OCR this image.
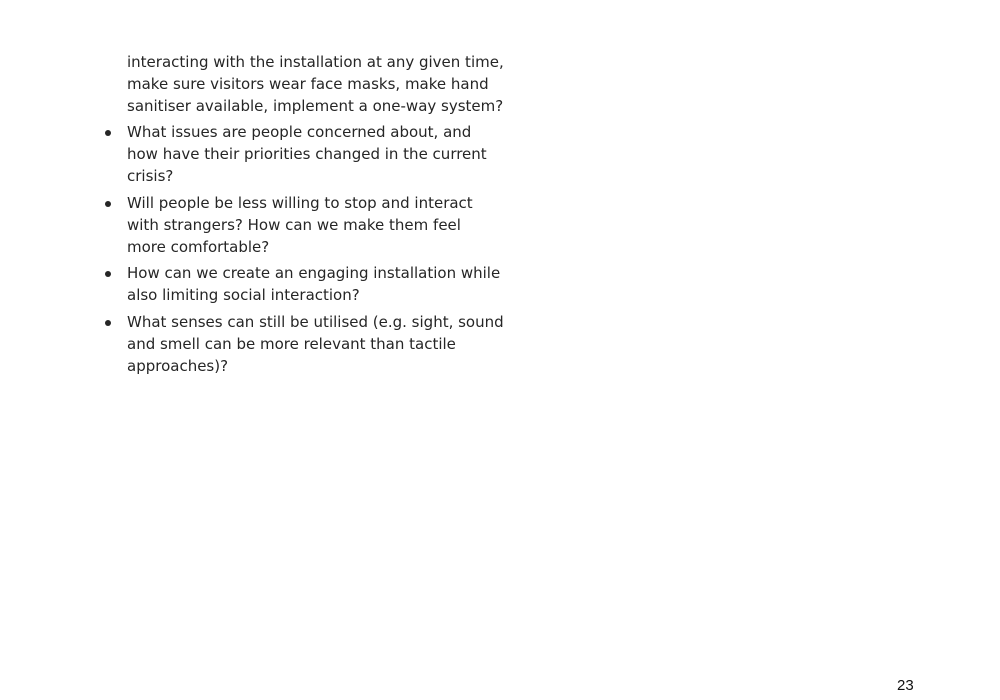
interacting with the installation at any given time, make sure visitors wear face masks, make hand sanitiser available, implement a one-way system?

What issues are people concerned about, and how have their priorities changed in the current crisis?
Will people be less willing to stop and interact with strangers? How can we make them feel more comfortable?
How can we create an engaging installation while also limiting social interaction?
What senses can still be utilised (e.g. sight, sound and smell can be more relevant than tactile approaches)?
23
